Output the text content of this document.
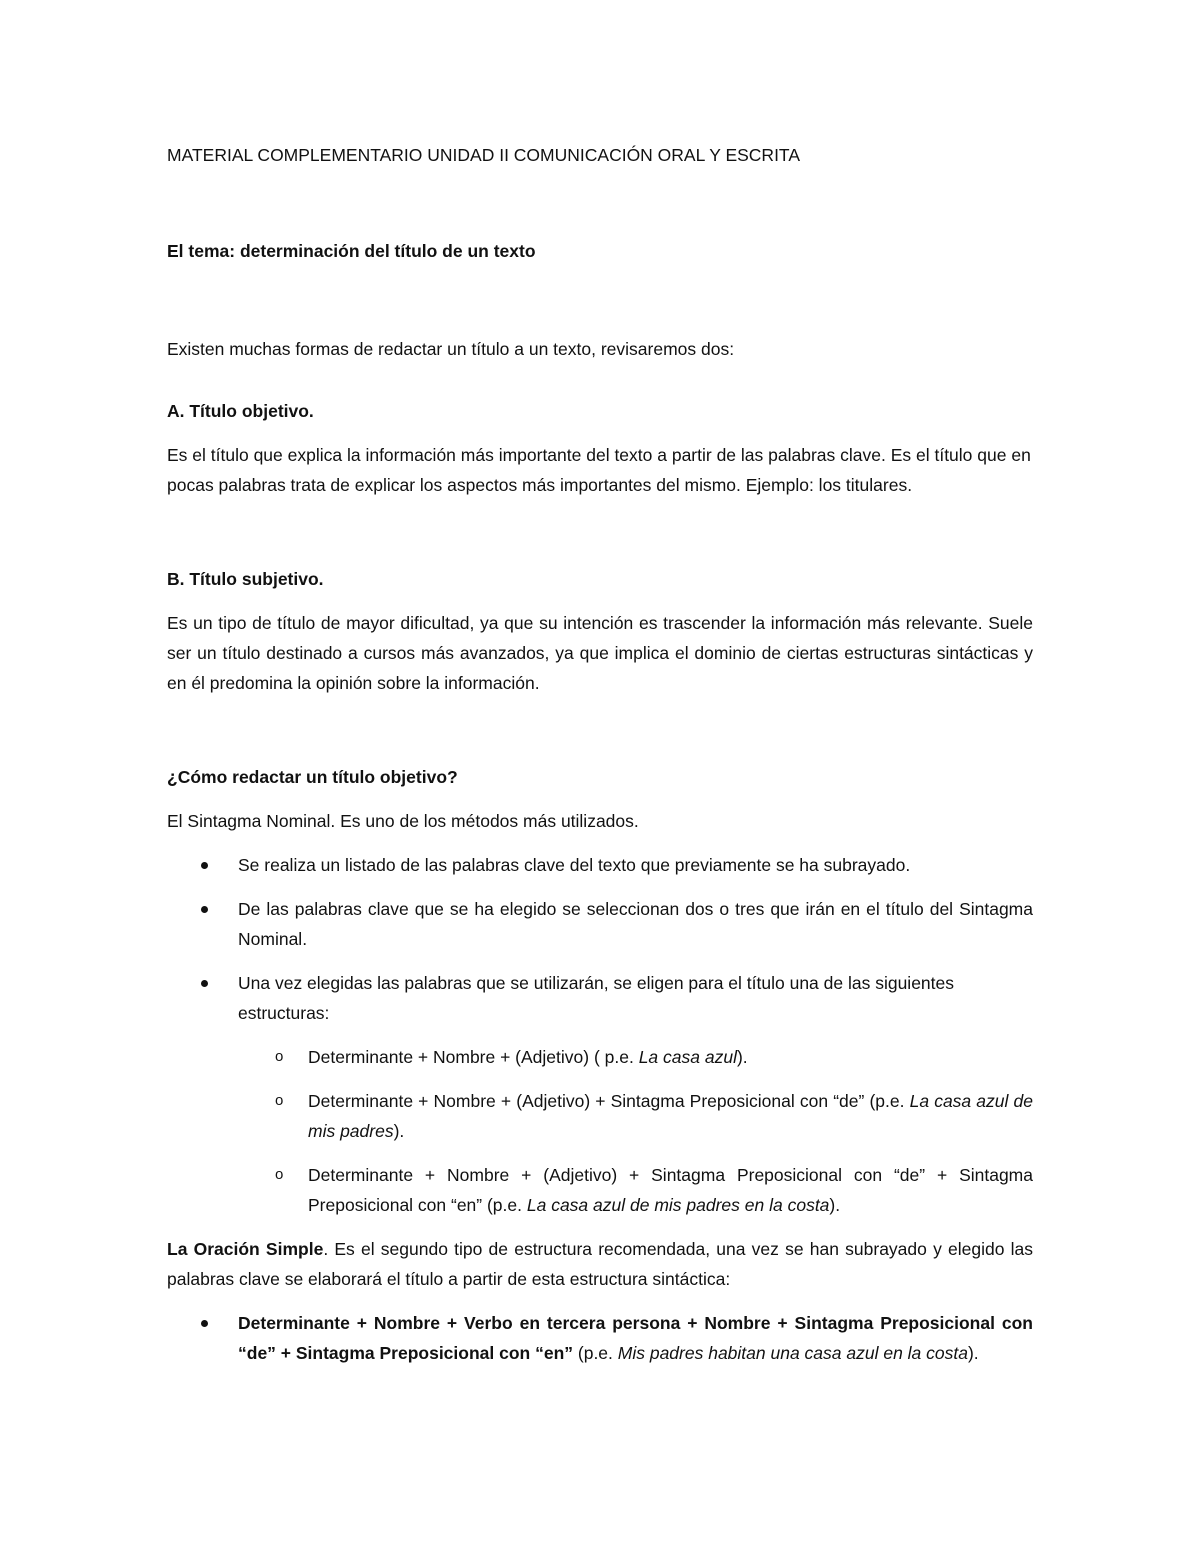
MATERIAL COMPLEMENTARIO UNIDAD II COMUNICACIÓN ORAL Y ESCRITA

El tema: determinación del título de un texto

Existen muchas formas de redactar un título a un texto, revisaremos dos:

A. Título objetivo.

Es el título que explica la información más importante del texto a partir de las palabras clave. Es el título que en pocas palabras trata de explicar los aspectos más importantes del mismo. Ejemplo: los titulares.

B. Título subjetivo.

Es un tipo de título de mayor dificultad, ya que su intención es trascender la información más relevante. Suele ser un título destinado a cursos más avanzados, ya que implica el dominio de ciertas estructuras sintácticas y en él predomina la opinión sobre la información.

¿Cómo redactar un título objetivo?

El Sintagma Nominal. Es uno de los métodos más utilizados.

Se realiza un listado de las palabras clave del texto que previamente se ha subrayado.
De las palabras clave que se ha elegido se seleccionan dos o tres que irán en el título del Sintagma Nominal.
Una vez elegidas las palabras que se utilizarán, se eligen para el título una de las siguientes estructuras:
o Determinante + Nombre + (Adjetivo) ( p.e. La casa azul).
o Determinante + Nombre + (Adjetivo) + Sintagma Preposicional con “de” (p.e. La casa azul de mis padres).
o Determinante + Nombre + (Adjetivo) + Sintagma Preposicional con “de” + Sintagma Preposicional con “en” (p.e. La casa azul de mis padres en la costa).

La Oración Simple. Es el segundo tipo de estructura recomendada, una vez se han subrayado y elegido las palabras clave se elaborará el título a partir de esta estructura sintáctica:

Determinante + Nombre + Verbo en tercera persona + Nombre + Sintagma Preposicional con “de” + Sintagma Preposicional con “en” (p.e. Mis padres habitan una casa azul en la costa).
